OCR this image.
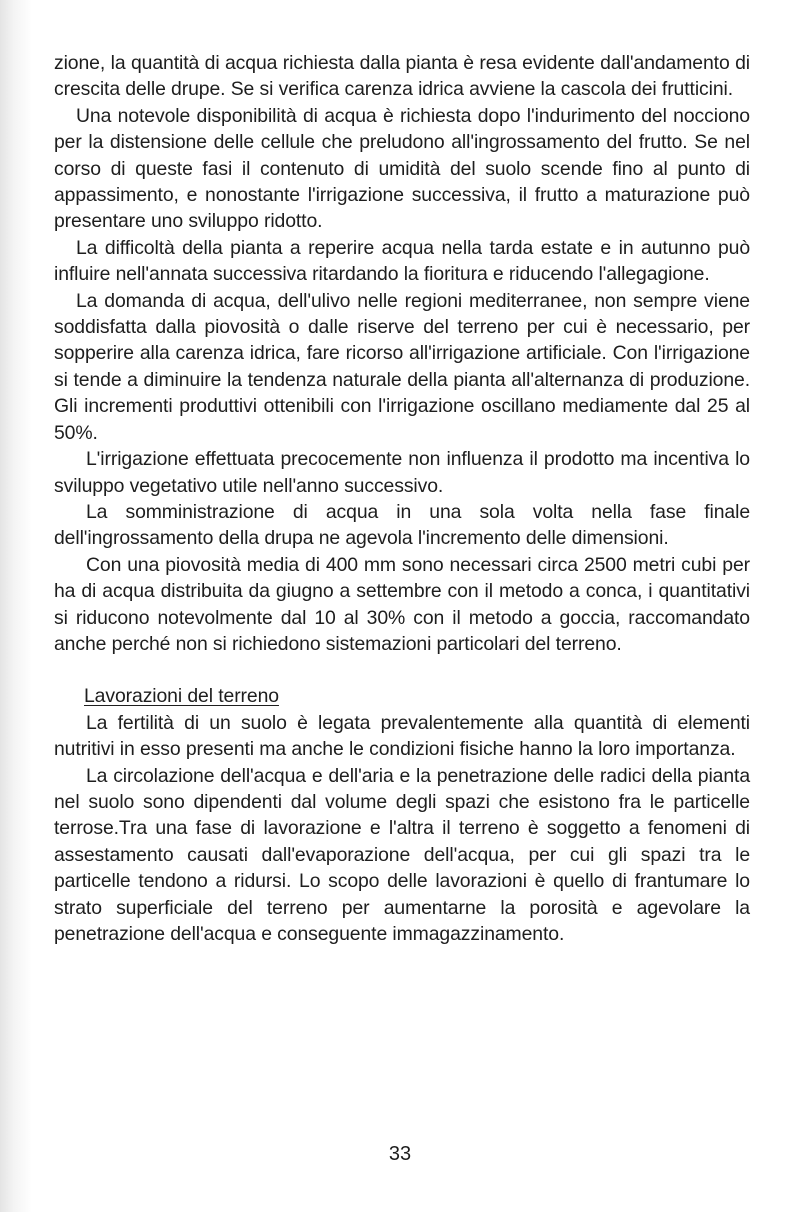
zione, la quantità di acqua richiesta dalla pianta è resa evidente dall'andamento di crescita delle drupe. Se si verifica carenza idrica avviene la cascola dei frutticini.

Una notevole disponibilità di acqua è richiesta dopo l'indurimento del nocciono per la distensione delle cellule che preludono all'ingrossamento del frutto. Se nel corso di queste fasi il contenuto di umidità del suolo scende fino al punto di appassimento, e nonostante l'irrigazione successiva, il frutto a maturazione può presentare uno sviluppo ridotto.

La difficoltà della pianta a reperire acqua nella tarda estate e in autunno può influire nell'annata successiva ritardando la fioritura e riducendo l'allegagione.

La domanda di acqua, dell'ulivo nelle regioni mediterranee, non sempre viene soddisfatta dalla piovosità o dalle riserve del terreno per cui è necessario, per sopperire alla carenza idrica, fare ricorso all'irrigazione artificiale. Con l'irrigazione si tende a diminuire la tendenza naturale della pianta all'alternanza di produzione. Gli incrementi produttivi ottenibili con l'irrigazione oscillano mediamente dal 25 al 50%.

L'irrigazione effettuata precocemente non influenza il prodotto ma incentiva lo sviluppo vegetativo utile nell'anno successivo.

La somministrazione di acqua in una sola volta nella fase finale dell'ingrossamento della drupa ne agevola l'incremento delle dimensioni.

Con una piovosità media di 400 mm sono necessari circa 2500 metri cubi per ha di acqua distribuita da giugno a settembre con il metodo a conca, i quantitativi si riducono notevolmente dal 10 al 30% con il metodo a goccia, raccomandato anche perché non si richiedono sistemazioni particolari del terreno.

Lavorazioni del terreno

La fertilità di un suolo è legata prevalentemente alla quantità di elementi nutritivi in esso presenti ma anche le condizioni fisiche hanno la loro importanza.

La circolazione dell'acqua e dell'aria e la penetrazione delle radici della pianta nel suolo sono dipendenti dal volume degli spazi che esistono fra le particelle terrose.Tra una fase di lavorazione e l'altra il terreno è soggetto a fenomeni di assestamento causati dall'evaporazione dell'acqua, per cui gli spazi tra le particelle tendono a ridursi. Lo scopo delle lavorazioni è quello di frantumare lo strato superficiale del terreno per aumentarne la porosità e agevolare la penetrazione dell'acqua e conseguente immagazzinamento.

33
